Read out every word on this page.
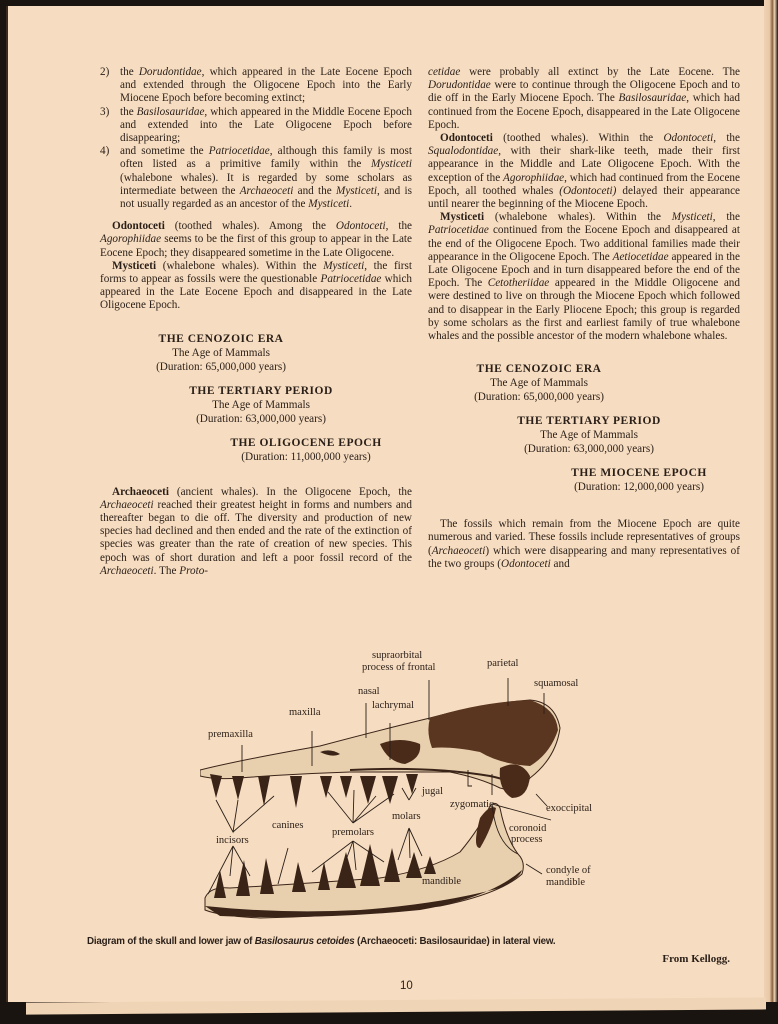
2) the Dorudontidae, which appeared in the Late Eocene Epoch and extended through the Oligocene Epoch into the Early Miocene Epoch before becoming extinct;
3) the Basilosauridae, which appeared in the Middle Eocene Epoch and extended into the Late Oligocene Epoch before disappearing;
4) and sometime the Patriocetidae, although this family is most often listed as a primitive family within the Mysticeti (whalebone whales). It is regarded by some scholars as intermediate between the Archaeoceti and the Mysticeti, and is not usually regarded as an ancestor of the Mysticeti.

Odontoceti (toothed whales). Among the Odontoceti, the Agorophiidae seems to be the first of this group to appear in the Late Eocene Epoch; they disappeared sometime in the Late Oligocene.

Mysticeti (whalebone whales). Within the Mysticeti, the first forms to appear as fossils were the questionable Patriocetidae which appeared in the Late Eocene Epoch and disappeared in the Late Oligocene Epoch.

THE CENOZOIC ERA
The Age of Mammals
(Duration: 65,000,000 years)
THE TERTIARY PERIOD
The Age of Mammals
(Duration: 63,000,000 years)
THE OLIGOCENE EPOCH
(Duration: 11,000,000 years)

Archaeoceti (ancient whales). In the Oligocene Epoch, the Archaeoceti reached their greatest height in forms and numbers and thereafter began to die off. The diversity and production of new species had declined and then ended and the rate of the extinction of species was greater than the rate of creation of new species. This epoch was of short duration and left a poor fossil record of the Archaeoceti. The Proto-

cetidae were probably all extinct by the Late Eocene. The Dorudontidae were to continue through the Oligocene Epoch and to die off in the Early Miocene Epoch. The Basilosauridae, which had continued from the Eocene Epoch, disappeared in the Late Oligocene Epoch.

Odontoceti (toothed whales). Within the Odontoceti, the Squalodontidae, with their shark-like teeth, made their first appearance in the Middle and Late Oligocene Epoch. With the exception of the Agorophiidae, which had continued from the Eocene Epoch, all toothed whales (Odontoceti) delayed their appearance until nearer the beginning of the Miocene Epoch.

Mysticeti (whalebone whales). Within the Mysticeti, the Patriocetidae continued from the Eocene Epoch and disappeared at the end of the Oligocene Epoch. Two additional families made their appearance in the Oligocene Epoch. The Aetiocetidae appeared in the Late Oligocene Epoch and in turn disappeared before the end of the Epoch. The Cetotheriidae appeared in the Middle Oligocene and were destined to live on through the Miocene Epoch which followed and to disappear in the Early Pliocene Epoch; this group is regarded by some scholars as the first and earliest family of true whalebone whales and the possible ancestor of the modern whalebone whales.

THE CENOZOIC ERA
The Age of Mammals
(Duration: 65,000,000 years)
THE TERTIARY PERIOD
The Age of Mammals
(Duration: 63,000,000 years)
THE MIOCENE EPOCH
(Duration: 12,000,000 years)

The fossils which remain from the Miocene Epoch are quite numerous and varied. These fossils include representatives of groups (Archaeoceti) which were disappearing and many representatives of the two groups (Odontoceti and

supraorbital
process of frontal	parietal
squamosal
nasal
lachrymal
maxilla
premaxilla
jugal
zygomatic	exoccipital
molars
canines
premolars
incisors
coronoid
process
condyle of
mandible
mandible
Diagram of the skull and lower jaw of Basilosaurus cetoides (Archaeoceti: Basilosauridae) in lateral view.
From Kellogg.
10
